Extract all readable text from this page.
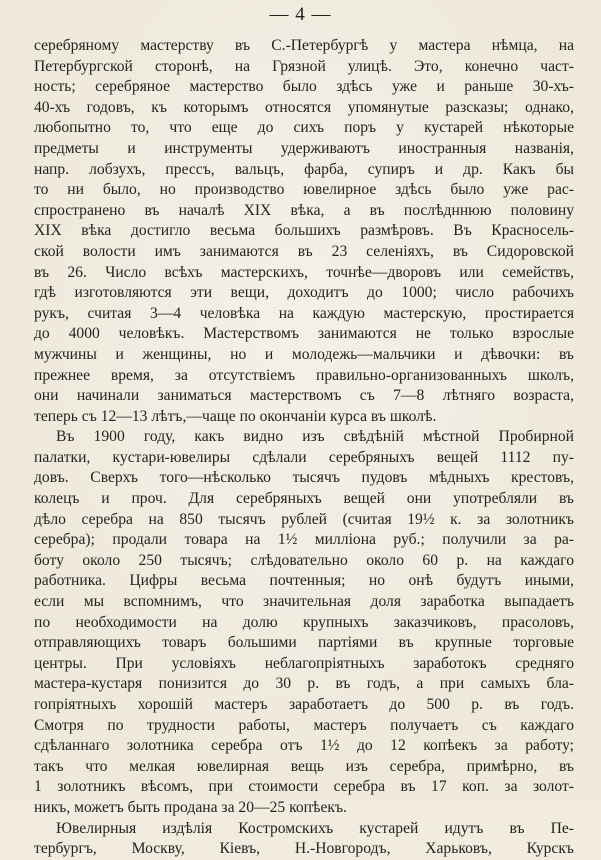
— 4 —
серебряному мастерству въ С.-Петербургѣ у мастера нѣмца, на
Петербургской сторонѣ, на Грязной улицѣ. Это, конечно част-
ность; серебряное мастерство было здѣсь уже и раньше 30-хъ-
40-хъ годовъ, къ которымъ относятся упомянутые разсказы; однако,
любопытно то, что еще до сихъ поръ у кустарей нѣкоторые
предметы и инструменты удерживаютъ иностранныя названія,
напр. лобзухъ, прессъ, вальцъ, фарба, супиръ и др. Какъ бы
то ни было, но производство ювелирное здѣсь было уже рас-
спространено въ началѣ XIX вѣка, а въ послѣдннюю половину
XIX вѣка достигло весьма большихъ размѣровъ. Въ Красносель-
ской волости имъ занимаются въ 23 селеніяхъ, въ Сидоровской
въ 26. Число всѣхъ мастерскихъ, точнѣе—дворовъ или семействъ,
гдѣ изготовляются эти вещи, доходитъ до 1000; число рабочихъ
рукъ, считая 3—4 человѣка на каждую мастерскую, простирается
до 4000 человѣкъ. Мастерствомъ занимаются не только взрослые
мужчины и женщины, но и молодежь—мальчики и дѣвочки: въ
прежнее время, за отсутствіемъ правильно-организованныхъ школъ,
они начинали заниматься мастерствомъ съ 7—8 лѣтняго возраста,
теперь съ 12—13 лѣтъ,—чаще по окончаніи курса въ школѣ.
Въ 1900 году, какъ видно изъ свѣдѣній мѣстной Пробирной
палатки, кустари-ювелиры сдѣлали серебряныхъ вещей 1112 пу-
довъ. Сверхъ того—нѣсколько тысячъ пудовъ мѣдныхъ крестовъ,
колецъ и проч. Для серебряныхъ вещей они употребляли въ
дѣло серебра на 850 тысячъ рублей (считая 19½ к. за золотникъ
серебра); продали товара на 1½ милліона руб.; получили за ра-
боту около 250 тысячъ; слѣдовательно около 60 р. на каждаго
работника. Цифры весьма почтенныя; но онѣ будутъ иными,
если мы вспомнимъ, что значительная доля заработка выпадаетъ
по необходимости на долю крупныхъ заказчиковъ, прасоловъ,
отправляющихъ товаръ большими партіями въ крупные торговые
центры. При условіяхъ неблагопріятныхъ заработокъ средняго
мастера-кустаря понизится до 30 р. въ годъ, а при самыхъ бла-
гопріятныхъ хорошій мастеръ заработаетъ до 500 р. въ годъ.
Смотря по трудности работы, мастеръ получаетъ съ каждаго
сдѣланнаго золотника серебра отъ 1½ до 12 копѣекъ за работу;
такъ что мелкая ювелирная вещь изъ серебра, примѣрно, въ
1 золотникъ вѣсомъ, при стоимости серебра въ 17 коп. за золот-
никъ, можетъ быть продана за 20—25 копѣекъ.
Ювелирныя издѣлія Костромскихъ кустарей идутъ въ Пе-
тербургъ, Москву, Кіевъ, Н.-Новгородъ, Харьковъ, Курскъ
